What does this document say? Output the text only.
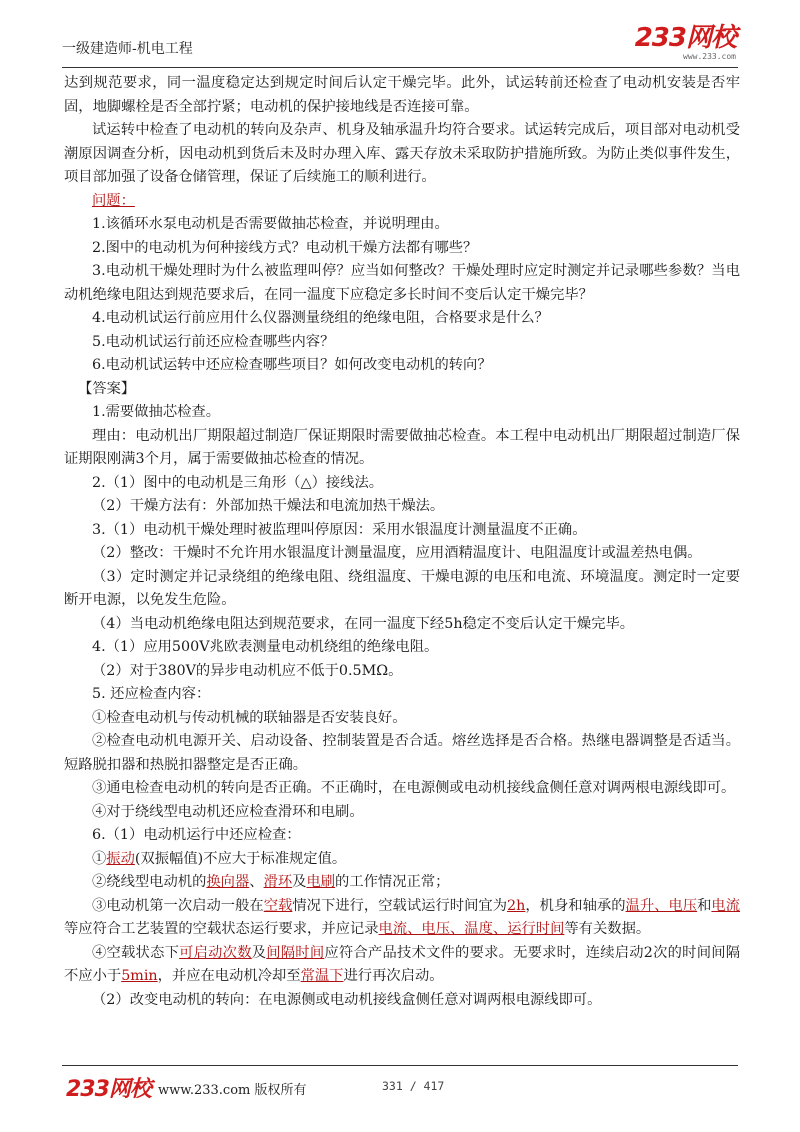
一级建造师-机电工程	233网校
www.233.com

达到规范要求，同一温度稳定达到规定时间后认定干燥完毕。此外，试运转前还检查了电动机安装是否牢固，地脚螺栓是否全部拧紧；电动机的保护接地线是否连接可靠。

试运转中检查了电动机的转向及杂声、机身及轴承温升均符合要求。试运转完成后，项目部对电动机受潮原因调查分析，因电动机到货后未及时办理入库、露天存放未采取防护措施所致。为防止类似事件发生，项目部加强了设备仓储管理，保证了后续施工的顺利进行。

问题：

1.该循环水泵电动机是否需要做抽芯检查，并说明理由。

2.图中的电动机为何种接线方式？电动机干燥方法都有哪些？

3.电动机干燥处理时为什么被监理叫停？应当如何整改？干燥处理时应定时测定并记录哪些参数？当电动机绝缘电阻达到规范要求后，在同一温度下应稳定多长时间不变后认定干燥完毕？

4.电动机试运行前应用什么仪器测量绕组的绝缘电阻，合格要求是什么？

5.电动机试运行前还应检查哪些内容？

6.电动机试运转中还应检查哪些项目？如何改变电动机的转向？

【答案】

1.需要做抽芯检查。

理由：电动机出厂期限超过制造厂保证期限时需要做抽芯检查。本工程中电动机出厂期限超过制造厂保证期限刚满3个月，属于需要做抽芯检查的情况。

2.（1）图中的电动机是三角形（△）接线法。

（2）干燥方法有：外部加热干燥法和电流加热干燥法。

3.（1）电动机干燥处理时被监理叫停原因：采用水银温度计测量温度不正确。

（2）整改：干燥时不允许用水银温度计测量温度，应用酒精温度计、电阻温度计或温差热电偶。

（3）定时测定并记录绕组的绝缘电阻、绕组温度、干燥电源的电压和电流、环境温度。测定时一定要断开电源，以免发生危险。

（4）当电动机绝缘电阻达到规范要求，在同一温度下经5h稳定不变后认定干燥完毕。

4.（1）应用500V兆欧表测量电动机绕组的绝缘电阻。

（2）对于380V的异步电动机应不低于0.5MΩ。

5. 还应检查内容：

①检查电动机与传动机械的联轴器是否安装良好。

②检查电动机电源开关、启动设备、控制装置是否合适。熔丝选择是否合格。热继电器调整是否适当。短路脱扣器和热脱扣器整定是否正确。

③通电检查电动机的转向是否正确。不正确时，在电源侧或电动机接线盒侧任意对调两根电源线即可。

④对于绕线型电动机还应检查滑环和电刷。

6.（1）电动机运行中还应检查：

①振动(双振幅值)不应大于标准规定值。

②绕线型电动机的换向器、滑环及电刷的工作情况正常；

③电动机第一次启动一般在空载情况下进行，空载试运行时间宜为2h，机身和轴承的温升、电压和电流等应符合工艺装置的空载状态运行要求，并应记录电流、电压、温度、运行时间等有关数据。

④空载状态下可启动次数及间隔时间应符合产品技术文件的要求。无要求时，连续启动2次的时间间隔不应小于5min，并应在电动机冷却至常温下进行再次启动。

（2）改变电动机的转向：在电源侧或电动机接线盒侧任意对调两根电源线即可。

233网校 www.233.com 版权所有	331 / 417
